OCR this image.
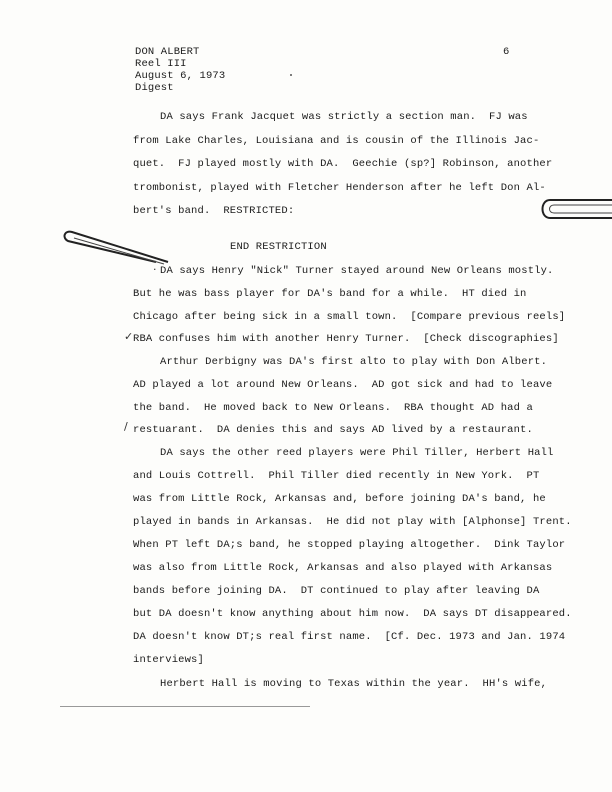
DON ALBERT	6
Reel III
August 6, 1973
Digest
DA says Frank Jacquet was strictly a section man.  FJ was
from Lake Charles, Louisiana and is cousin of the Illinois Jac-
quet.  FJ played mostly with DA.  Geechie (sp?] Robinson, another
trombonist, played with Fletcher Henderson after he left Don Al-
bert's band.  RESTRICTED:
END RESTRICTION
. DA says Henry "Nick" Turner stayed around New Orleans mostly.
But he was bass player for DA's band for a while.  HT died in
Chicago after being sick in a small town.  [Compare previous reels]
✓ RBA confuses him with another Henry Turner.  [Check discographies]
Arthur Derbigny was DA's first alto to play with Don Albert.
AD played a lot around New Orleans.  AD got sick and had to leave
the band.  He moved back to New Orleans.  RBA thought AD had a
/ restuarant.  DA denies this and says AD lived by a restaurant.
DA says the other reed players were Phil Tiller, Herbert Hall
and Louis Cottrell.  Phil Tiller died recently in New York.  PT
was from Little Rock, Arkansas and, before joining DA's band, he
played in bands in Arkansas.  He did not play with [Alphonse] Trent.
When PT left DA;s band, he stopped playing altogether.  Dink Taylor
was also from Little Rock, Arkansas and also played with Arkansas
bands before joining DA.  DT continued to play after leaving DA
but DA doesn't know anything about him now.  DA says DT disappeared.
DA doesn't know DT;s real first name.  [Cf. Dec. 1973 and Jan. 1974
interviews]
Herbert Hall is moving to Texas within the year.  HH's wife,
